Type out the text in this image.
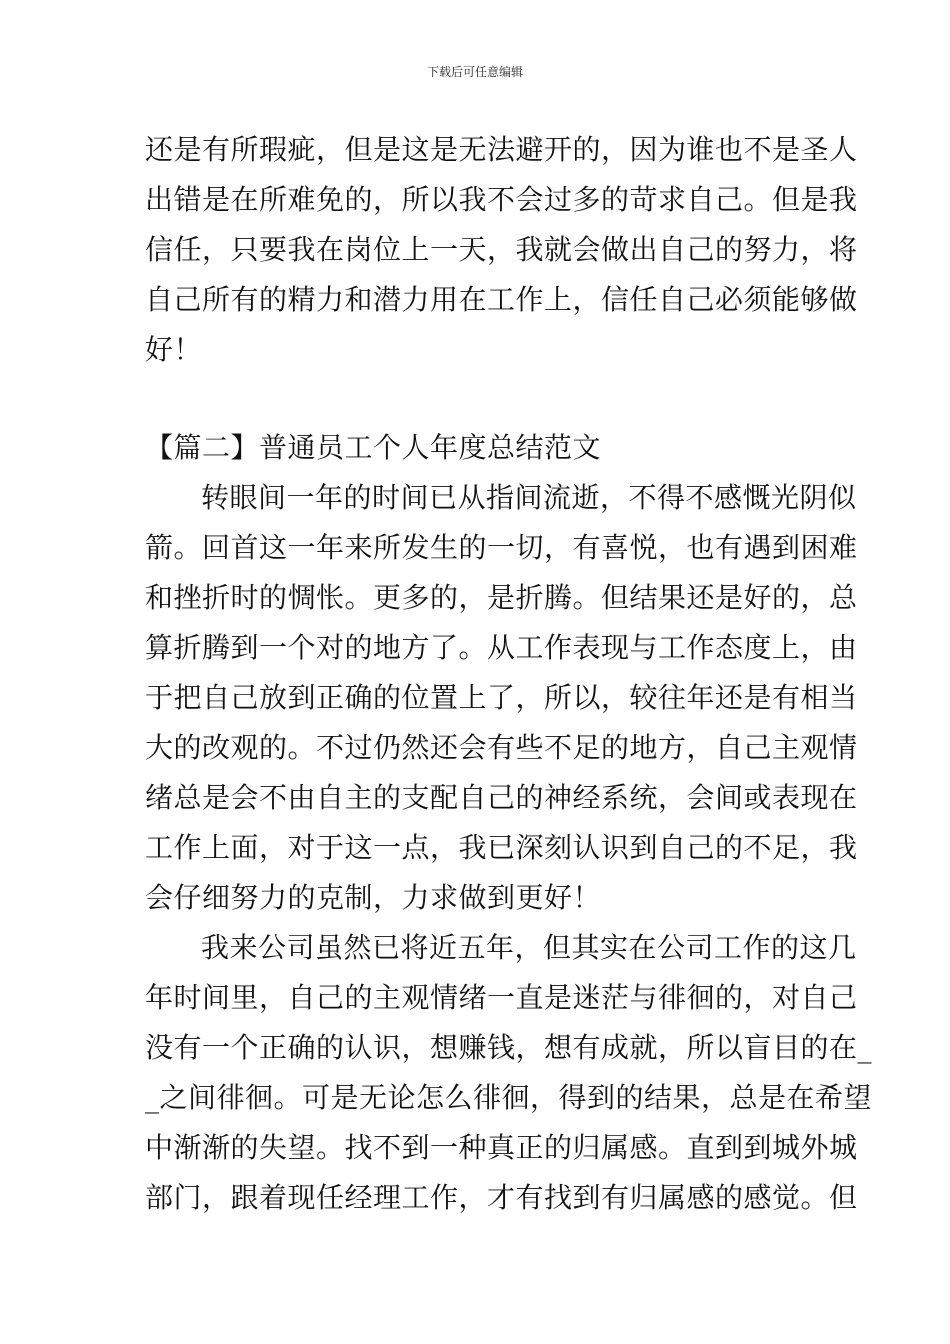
下载后可任意编辑
还是有所瑕疵，但是这是无法避开的，因为谁也不是圣人
出错是在所难免的，所以我不会过多的苛求自己。但是我
信任，只要我在岗位上一天，我就会做出自己的努力，将
自己所有的精力和潜力用在工作上，信任自己必须能够做
好！
【篇二】普通员工个人年度总结范文
转眼间一年的时间已从指间流逝，不得不感慨光阴似
箭。回首这一年来所发生的一切，有喜悦，也有遇到困难
和挫折时的惆怅。更多的，是折腾。但结果还是好的，总
算折腾到一个对的地方了。从工作表现与工作态度上，由
于把自己放到正确的位置上了，所以，较往年还是有相当
大的改观的。不过仍然还会有些不足的地方，自己主观情
绪总是会不由自主的支配自己的神经系统，会间或表现在
工作上面，对于这一点，我已深刻认识到自己的不足，我
会仔细努力的克制，力求做到更好！
我来公司虽然已将近五年，但其实在公司工作的这几
年时间里，自己的主观情绪一直是迷茫与徘徊的，对自己
没有一个正确的认识，想赚钱，想有成就，所以盲目的在_
_之间徘徊。可是无论怎么徘徊，得到的结果，总是在希望
中渐渐的失望。找不到一种真正的归属感。直到到城外城
部门，跟着现任经理工作，才有找到有归属感的感觉。但
